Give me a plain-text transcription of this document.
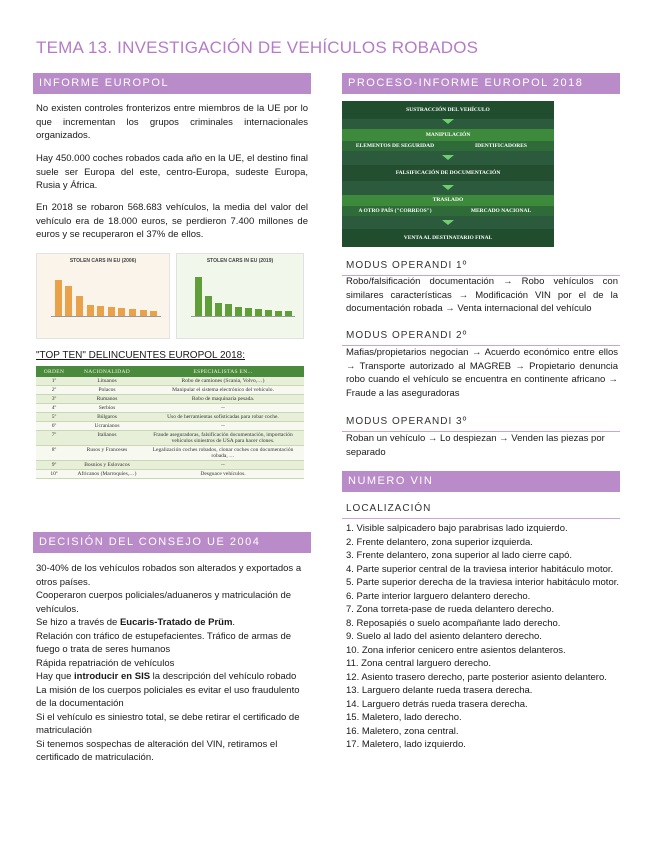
TEMA 13. INVESTIGACIÓN DE VEHÍCULOS ROBADOS
INFORME EUROPOL
No existen controles fronterizos entre miembros de la UE por lo que incrementan los grupos criminales internacionales organizados.
Hay 450.000 coches robados cada año en la UE, el destino final suele ser Europa del este, centro-Europa, sudeste Europa, Rusia y África.
En 2018 se robaron 568.683 vehículos, la media del valor del vehículo era de 18.000 euros, se perdieron 7.400 millones de euros y se recuperaron el 37% de ellos.
STOLEN CARS IN EU (2006)	STOLEN CARS IN EU (2019)
"TOP TEN" DELINCUENTES EUROPOL 2018:
ORDEN	NACIONALIDAD	ESPECIALISTAS EN...
1º	Lituanos	Robo de camiones (Scania, Volvo,…)
2º	Polacos	Manipular el sistema electrónico del vehículo.
3º	Rumanos	Robo de maquinaria pesada.
4º	Serbios	--
5º	Búlgaros	Uso de herramientas sofisticadas para robar coche.
6º	Ucranianos	--
7º	Italianos	Fraude aseguradoras, falsificación documentación, importación vehículos siniestros de USA para hacer clones.
8º	Rusos y Franceses	Legalización coches robados, clonar coches con documentación robada, …
9º	Bosnios y Eslovacos	--
10º	Africanos (Marroquíes,…)	Desguace vehículos.
DECISIÓN DEL CONSEJO UE 2004
30-40% de los vehículos robados son alterados y exportados a otros países.
Cooperaron cuerpos policiales/aduaneros y matriculación de vehículos.
Se hizo a través de Eucaris-Tratado de Prüm.
Relación con tráfico de estupefacientes. Tráfico de armas de fuego o trata de seres humanos
Rápida repatriación de vehículos
Hay que introducir en SIS la descripción del vehículo robado
La misión de los cuerpos policiales es evitar el uso fraudulento de la documentación
Si el vehículo es siniestro total, se debe retirar el certificado de matriculación
Si tenemos sospechas de alteración del VIN, retiramos el certificado de matriculación.
PROCESO-INFORME EUROPOL 2018
SUSTRACCIÓN DEL VEHÍCULO
MANIPULACIÓN
ELEMENTOS DE SEGURIDAD	IDENTIFICADORES
FALSIFICACIÓN DE DOCUMENTACIÓN
TRASLADO
A OTRO PAÍS ("CORREOS")	MERCADO NACIONAL
VENTA AL DESTINATARIO FINAL
MODUS OPERANDI 1º
Robo/falsificación documentación → Robo vehículos con similares características → Modificación VIN por el de la documentación robada → Venta internacional del vehículo
MODUS OPERANDI 2º
Mafias/propietarios negocian → Acuerdo económico entre ellos → Transporte autorizado al MAGREB → Propietario denuncia robo cuando el vehículo se encuentra en continente africano → Fraude a las aseguradoras
MODUS OPERANDI 3º
Roban un vehículo → Lo despiezan → Venden las piezas por separado
NUMERO VIN
LOCALIZACIÓN
1. Visible salpicadero bajo parabrisas lado izquierdo.
2. Frente delantero, zona superior izquierda.
3. Frente delantero, zona superior al lado cierre capó.
4. Parte superior central de la traviesa interior habitáculo motor.
5. Parte superior derecha de la traviesa interior habitáculo motor.
6. Parte interior larguero delantero derecho.
7. Zona torreta-pase de rueda delantero derecho.
8. Reposapiés o suelo acompañante lado derecho.
9. Suelo al lado del asiento delantero derecho.
10. Zona inferior cenicero entre asientos delanteros.
11. Zona central larguero derecho.
12. Asiento trasero derecho, parte posterior asiento delantero.
13. Larguero delante rueda trasera derecha.
14. Larguero detrás rueda trasera derecha.
15. Maletero, lado derecho.
16. Maletero, zona central.
17. Maletero, lado izquierdo.
